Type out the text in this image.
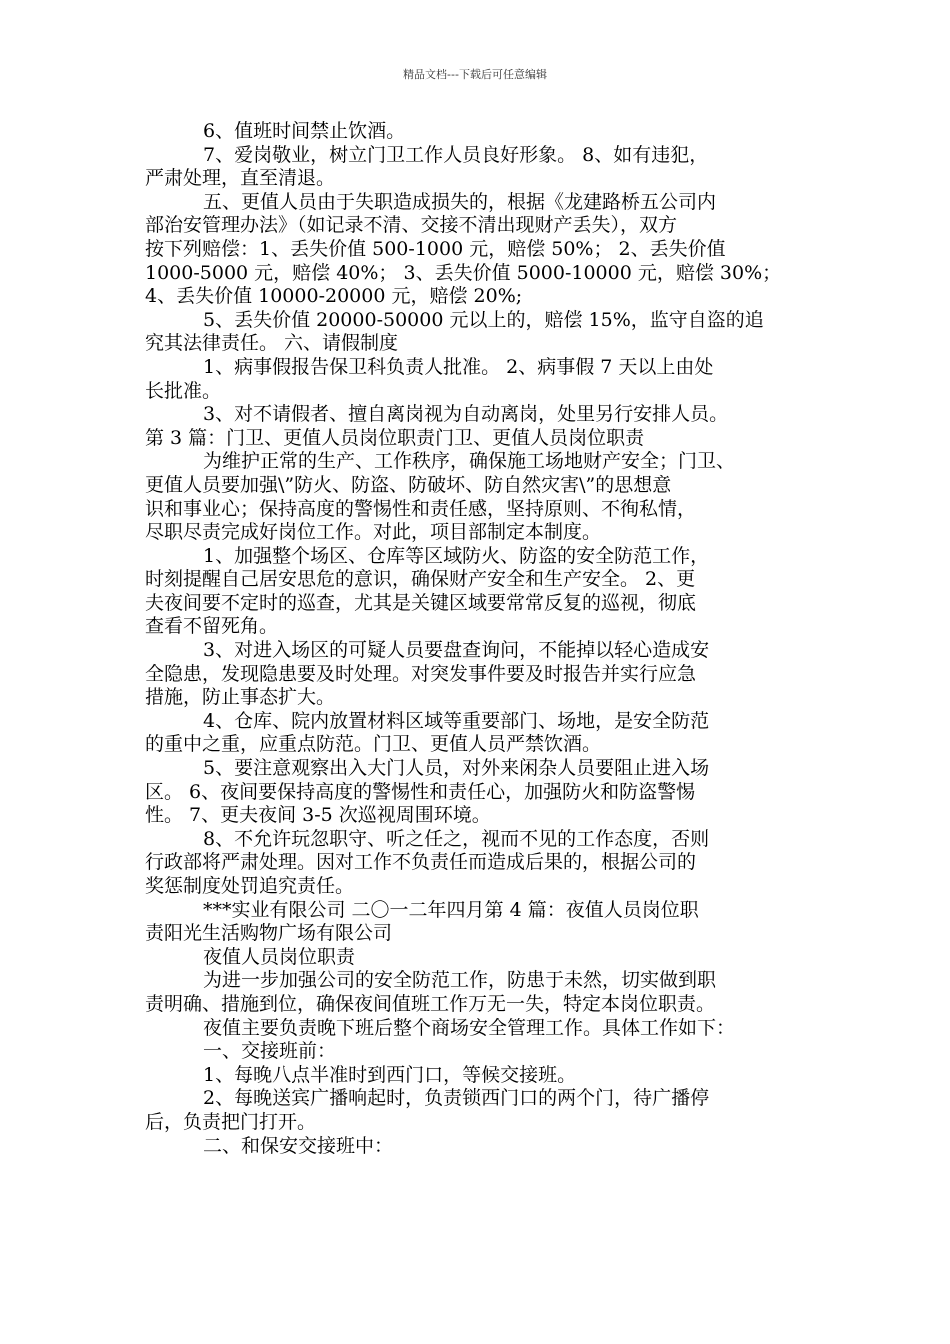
精品文档---下载后可任意编辑
6、值班时间禁止饮酒。
7、爱岗敬业，树立门卫工作人员良好形象。 8、如有违犯，
严肃处理，直至清退。
五、更值人员由于失职造成损失的，根据《龙建路桥五公司内
部治安管理办法》（如记录不清、交接不清出现财产丢失），双方
按下列赔偿：1、丢失价值 500-1000 元，赔偿 50%； 2、丢失价值
1000-5000 元，赔偿 40%； 3、丢失价值 5000-10000 元，赔偿 30%；
4、丢失价值 10000-20000 元，赔偿 20%;
5、丢失价值 20000-50000 元以上的，赔偿 15%，监守自盗的追
究其法律责任。 六、请假制度
1、病事假报告保卫科负责人批准。 2、病事假 7 天以上由处
长批准。
3、对不请假者、擅自离岗视为自动离岗，处里另行安排人员。
第 3 篇：门卫、更值人员岗位职责门卫、更值人员岗位职责
为维护正常的生产、工作秩序，确保施工场地财产安全；门卫、
更值人员要加强\”防火、防盗、防破坏、防自然灾害\”的思想意
识和事业心；保持高度的警惕性和责任感，坚持原则、不徇私情，
尽职尽责完成好岗位工作。对此，项目部制定本制度。
1、加强整个场区、仓库等区域防火、防盗的安全防范工作，
时刻提醒自己居安思危的意识，确保财产安全和生产安全。 2、更
夫夜间要不定时的巡查，尤其是关键区域要常常反复的巡视，彻底
查看不留死角。
3、对进入场区的可疑人员要盘查询问，不能掉以轻心造成安
全隐患，发现隐患要及时处理。对突发事件要及时报告并实行应急
措施，防止事态扩大。
4、仓库、院内放置材料区域等重要部门、场地，是安全防范
的重中之重，应重点防范。门卫、更值人员严禁饮酒。
5、要注意观察出入大门人员，对外来闲杂人员要阻止进入场
区。 6、夜间要保持高度的警惕性和责任心，加强防火和防盗警惕
性。 7、更夫夜间 3-5 次巡视周围环境。
8、不允许玩忽职守、听之任之，视而不见的工作态度，否则
行政部将严肃处理。因对工作不负责任而造成后果的，根据公司的
奖惩制度处罚追究责任。
***实业有限公司 二〇一二年四月第 4 篇：夜值人员岗位职
责阳光生活购物广场有限公司
夜值人员岗位职责
为进一步加强公司的安全防范工作，防患于未然，切实做到职
责明确、措施到位，确保夜间值班工作万无一失，特定本岗位职责。
夜值主要负责晚下班后整个商场安全管理工作。具体工作如下：
一、交接班前：
1、每晚八点半准时到西门口，等候交接班。
2、每晚送宾广播响起时，负责锁西门口的两个门，待广播停
后，负责把门打开。
二、和保安交接班中：
